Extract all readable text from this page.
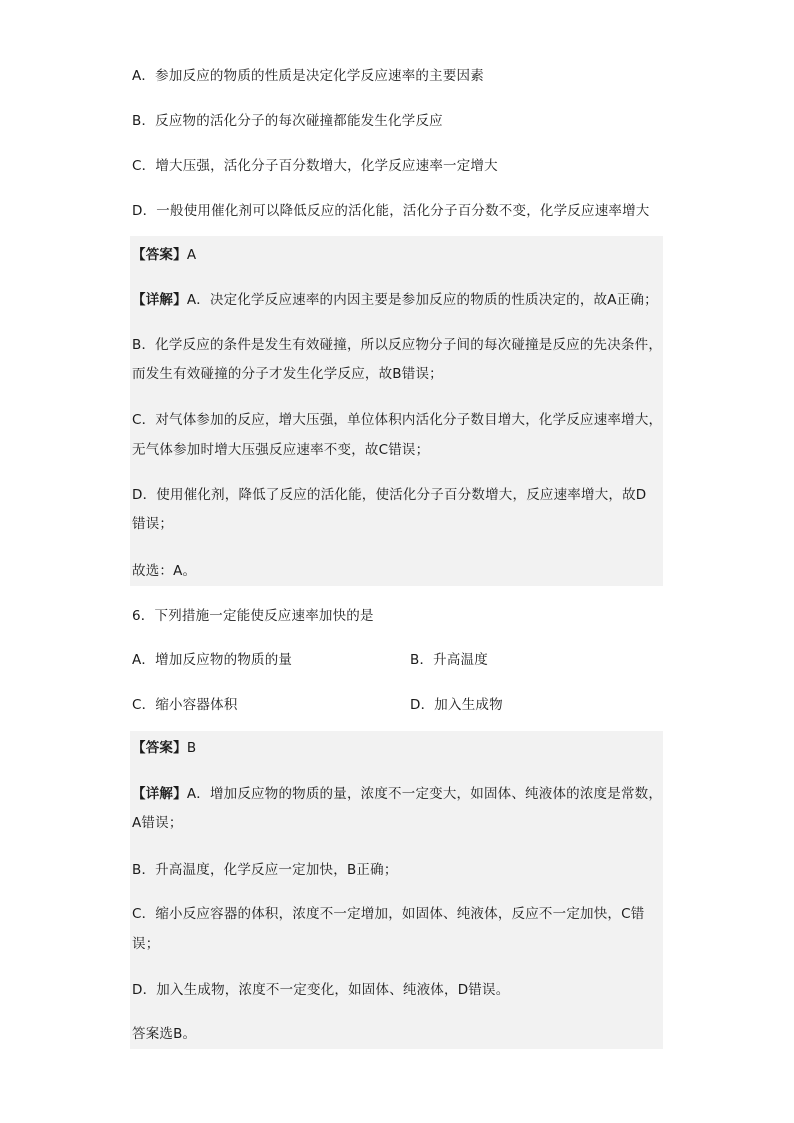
A．参加反应的物质的性质是决定化学反应速率的主要因素
B．反应物的活化分子的每次碰撞都能发生化学反应
C．增大压强，活化分子百分数增大，化学反应速率一定增大
D．一般使用催化剂可以降低反应的活化能，活化分子百分数不变，化学反应速率增大
【答案】A
【详解】A．决定化学反应速率的内因主要是参加反应的物质的性质决定的，故A正确；
B．化学反应的条件是发生有效碰撞，所以反应物分子间的每次碰撞是反应的先决条件，
而发生有效碰撞的分子才发生化学反应，故B错误；
C．对气体参加的反应，增大压强，单位体积内活化分子数目增大，化学反应速率增大，
无气体参加时增大压强反应速率不变，故C错误；
D．使用催化剂，降低了反应的活化能，使活化分子百分数增大，反应速率增大，故D
错误；
故选：A。
6．下列措施一定能使反应速率加快的是
A．增加反应物的物质的量	B．升高温度
C．缩小容器体积	D．加入生成物
【答案】B
【详解】A．增加反应物的物质的量，浓度不一定变大，如固体、纯液体的浓度是常数，
A错误；
B．升高温度，化学反应一定加快，B正确；
C．缩小反应容器的体积，浓度不一定增加，如固体、纯液体，反应不一定加快，C错
误；
D．加入生成物，浓度不一定变化，如固体、纯液体，D错误。
答案选B。
